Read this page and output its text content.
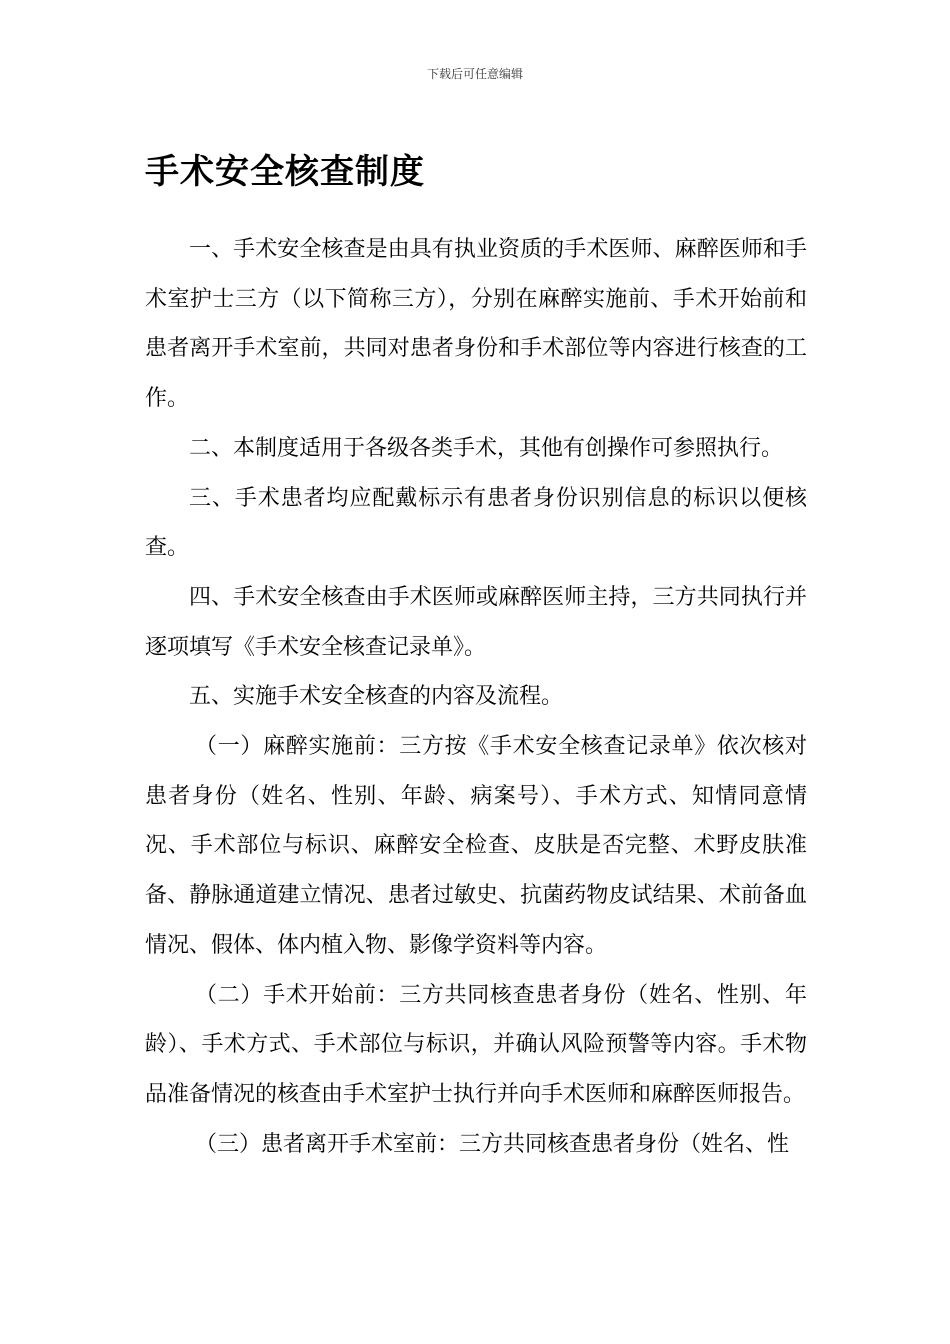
下载后可任意编辑
手术安全核查制度

一、手术安全核查是由具有执业资质的手术医师、麻醉医师和手术室护士三方（以下简称三方），分别在麻醉实施前、手术开始前和患者离开手术室前，共同对患者身份和手术部位等内容进行核查的工作。

二、本制度适用于各级各类手术，其他有创操作可参照执行。

三、手术患者均应配戴标示有患者身份识别信息的标识以便核查。

四、手术安全核查由手术医师或麻醉医师主持，三方共同执行并逐项填写《手术安全核查记录单》。

五、实施手术安全核查的内容及流程。

（一）麻醉实施前：三方按《手术安全核查记录单》依次核对患者身份（姓名、性别、年龄、病案号）、手术方式、知情同意情况、手术部位与标识、麻醉安全检查、皮肤是否完整、术野皮肤准备、静脉通道建立情况、患者过敏史、抗菌药物皮试结果、术前备血情况、假体、体内植入物、影像学资料等内容。

（二）手术开始前：三方共同核查患者身份（姓名、性别、年龄）、手术方式、手术部位与标识，并确认风险预警等内容。手术物品准备情况的核查由手术室护士执行并向手术医师和麻醉医师报告。

（三）患者离开手术室前：三方共同核查患者身份（姓名、性
